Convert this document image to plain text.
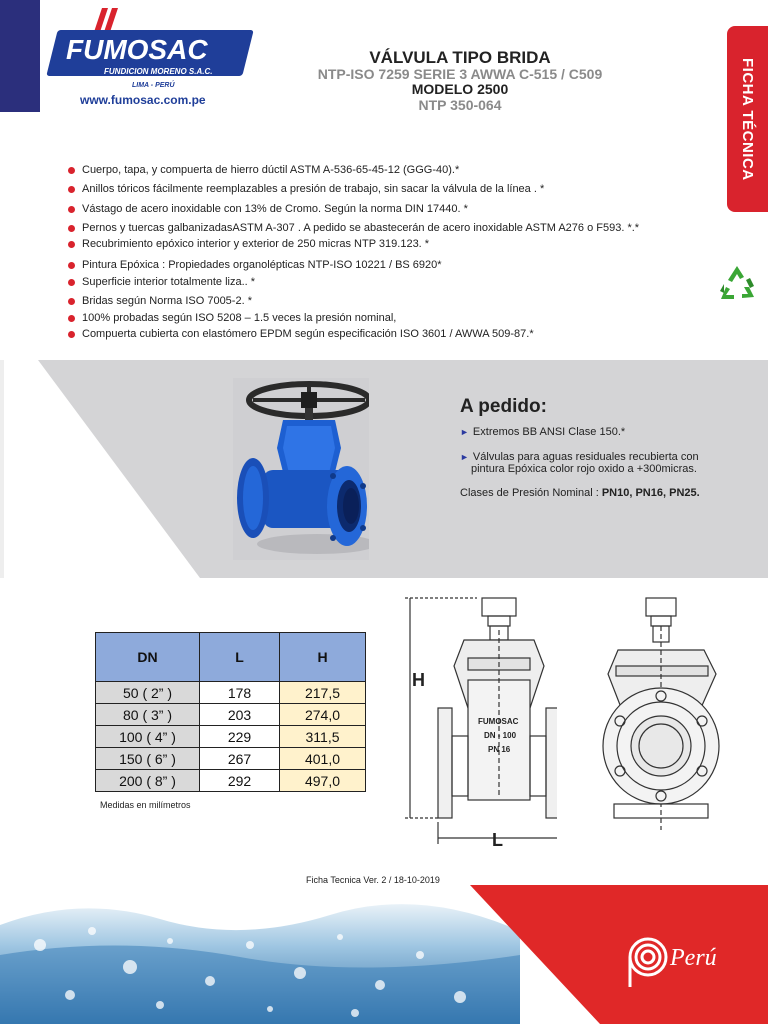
FUMOSAC
FUNDICION MORENO S.A.C.
LIMA - PERÚ
www.fumosac.com.pe
VÁLVULA TIPO BRIDA
NTP-ISO 7259 SERIE 3 AWWA C-515 / C509
MODELO 2500
NTP 350-064	FICHA TÉCNICA
Cuerpo, tapa, y compuerta de hierro dúctil ASTM A-536-65-45-12 (GGG-40).*
Anillos tóricos fácilmente reemplazables a presión de trabajo, sin sacar la válvula de la línea . *
Vástago de acero inoxidable con 13% de Cromo. Según la norma DIN 17440. *
Pernos y tuercas galbanizadasASTM A-307 . A pedido se abastecerán de acero inoxidable ASTM A276 o F593. *.*
Recubrimiento epóxico interior y exterior de 250 micras NTP 319.123. *
Pintura Epóxica : Propiedades organolépticas NTP-ISO 10221 / BS 6920*
Superficie interior totalmente liza.. *
Bridas según Norma ISO 7005-2. *
100% probadas según ISO 5208 – 1.5 veces la presión nominal,
Compuerta cubierta con elastómero EPDM según especificación ISO 3601 / AWWA 509-87.*
A pedido:
► Extremos BB ANSI Clase 150.*
► Válvulas para aguas residuales recubierta con
pintura Epóxica color rojo oxido a +300micras.
Clases de Presión Nominal : PN10, PN16, PN25.
DN	L	H
50 ( 2” )	178	217,5
80 ( 3” )	203	274,0
100 ( 4” )	229	311,5
150 ( 6” )	267	401,0
200 ( 8” )	292	497,0
Medidas en milímetros
H
L
FUMOSAC
DN - 100
PN 16
Ficha Tecnica Ver. 2 / 18-10-2019
Perú
